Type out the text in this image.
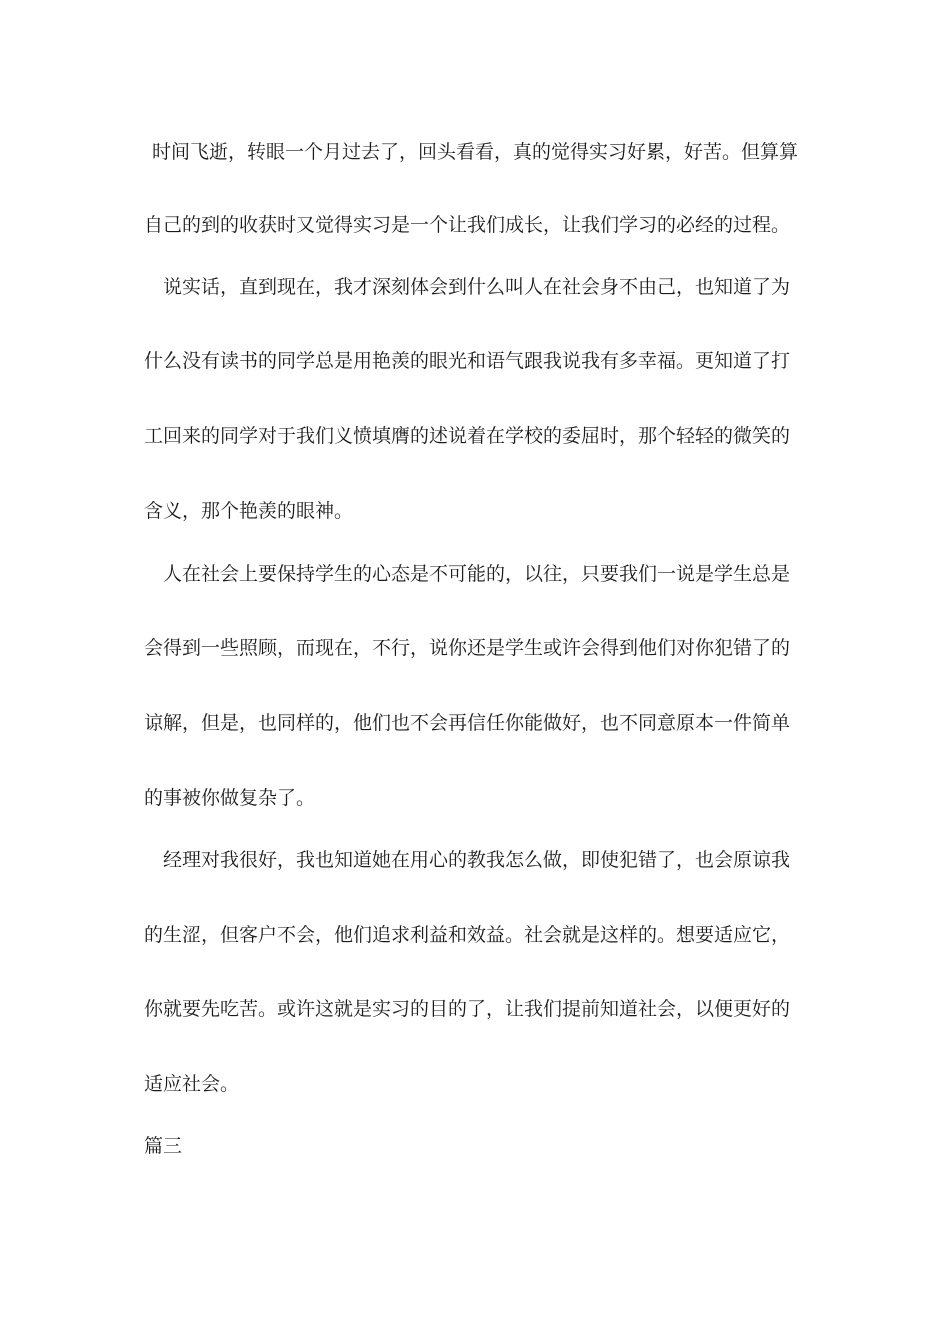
时间飞逝，转眼一个月过去了，回头看看，真的觉得实习好累，好苦。但算算
自己的到的收获时又觉得实习是一个让我们成长，让我们学习的必经的过程。
说实话，直到现在，我才深刻体会到什么叫人在社会身不由己，也知道了为
什么没有读书的同学总是用艳羡的眼光和语气跟我说我有多幸福。更知道了打
工回来的同学对于我们义愤填膺的述说着在学校的委屈时，那个轻轻的微笑的
含义，那个艳羡的眼神。
人在社会上要保持学生的心态是不可能的，以往，只要我们一说是学生总是
会得到一些照顾，而现在，不行，说你还是学生或许会得到他们对你犯错了的
谅解，但是，也同样的，他们也不会再信任你能做好，也不同意原本一件简单
的事被你做复杂了。
经理对我很好，我也知道她在用心的教我怎么做，即使犯错了，也会原谅我
的生涩，但客户不会，他们追求利益和效益。社会就是这样的。想要适应它，
你就要先吃苦。或许这就是实习的目的了，让我们提前知道社会，以便更好的
适应社会。
篇三
